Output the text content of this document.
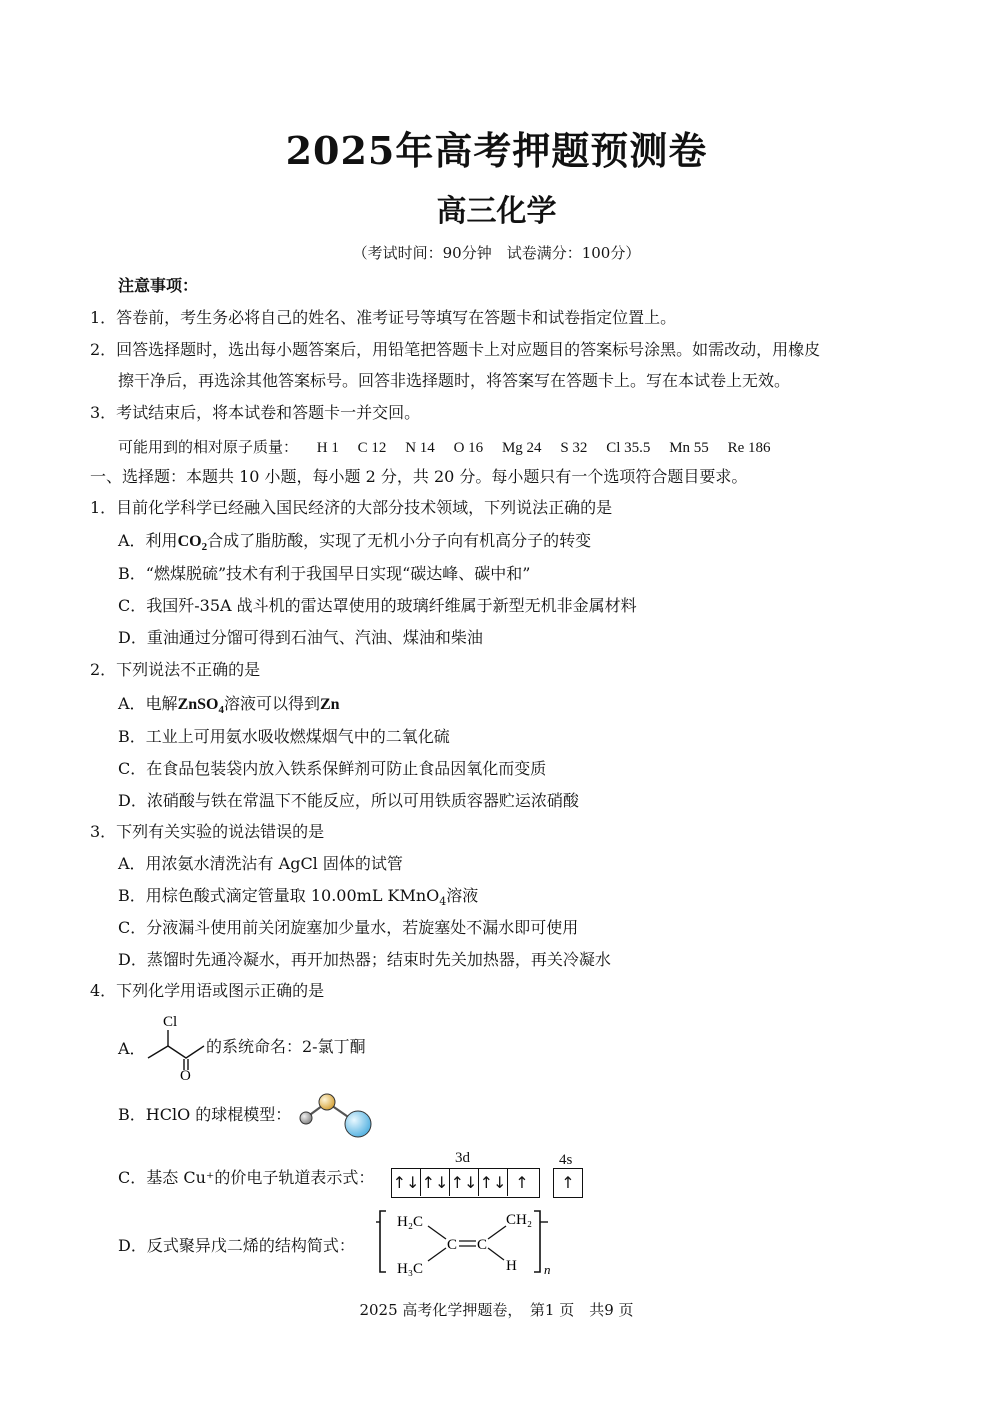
2025年高考押题预测卷
高三化学
（考试时间：90分钟　试卷满分：100分）
注意事项：
1．答卷前，考生务必将自己的姓名、准考证号等填写在答题卡和试卷指定位置上。
2．回答选择题时，选出每小题答案后，用铅笔把答题卡上对应题目的答案标号涂黑。如需改动，用橡皮
擦干净后，再选涂其他答案标号。回答非选择题时，将答案写在答题卡上。写在本试卷上无效。
3．考试结束后，将本试卷和答题卡一并交回。
可能用到的相对原子质量： H 1 C 12 N 14 O 16 Mg 24 S 32 Cl 35.5 Mn 55 Re 186
一、选择题：本题共 10 小题，每小题 2 分，共 20 分。每小题只有一个选项符合题目要求。
1．目前化学科学已经融入国民经济的大部分技术领域，下列说法正确的是
A．利用$CO_2$合成了脂肪酸，实现了无机小分子向有机高分子的转变
B．“燃煤脱硫”技术有利于我国早日实现“碳达峰、碳中和”
C．我国歼-35A 战斗机的雷达罩使用的玻璃纤维属于新型无机非金属材料
D．重油通过分馏可得到石油气、汽油、煤油和柴油
2．下列说法不正确的是
A．电解ZnSO$_4$溶液可以得到Zn
B．工业上可用氨水吸收燃煤烟气中的二氧化硫
C．在食品包装袋内放入铁系保鲜剂可防止食品因氧化而变质
D．浓硝酸与铁在常温下不能反应，所以可用铁质容器贮运浓硝酸
3．下列有关实验的说法错误的是
A．用浓氨水清洗沾有 AgCl 固体的试管
B．用棕色酸式滴定管量取 10.00mL KMnO$_4$溶液
C．分液漏斗使用前关闭旋塞加少量水，若旋塞处不漏水即可使用
D．蒸馏时先通冷凝水，再开加热器；结束时先关加热器，再关冷凝水
4．下列化学用语或图示正确的是
A．
Cl
O
的系统命名：2-氯丁酮
B．HClO 的球棍模型：
C．基态 Cu⁺的价电子轨道表示式：
3d	4s
↑↓ ↑↓ ↑↓ ↑↓ ↑	↑
D．反式聚异戊二烯的结构简式：
H₂C	CH₂
H₃C	H
C C
n
2025 高考化学押题卷，　第1 页　共9 页
